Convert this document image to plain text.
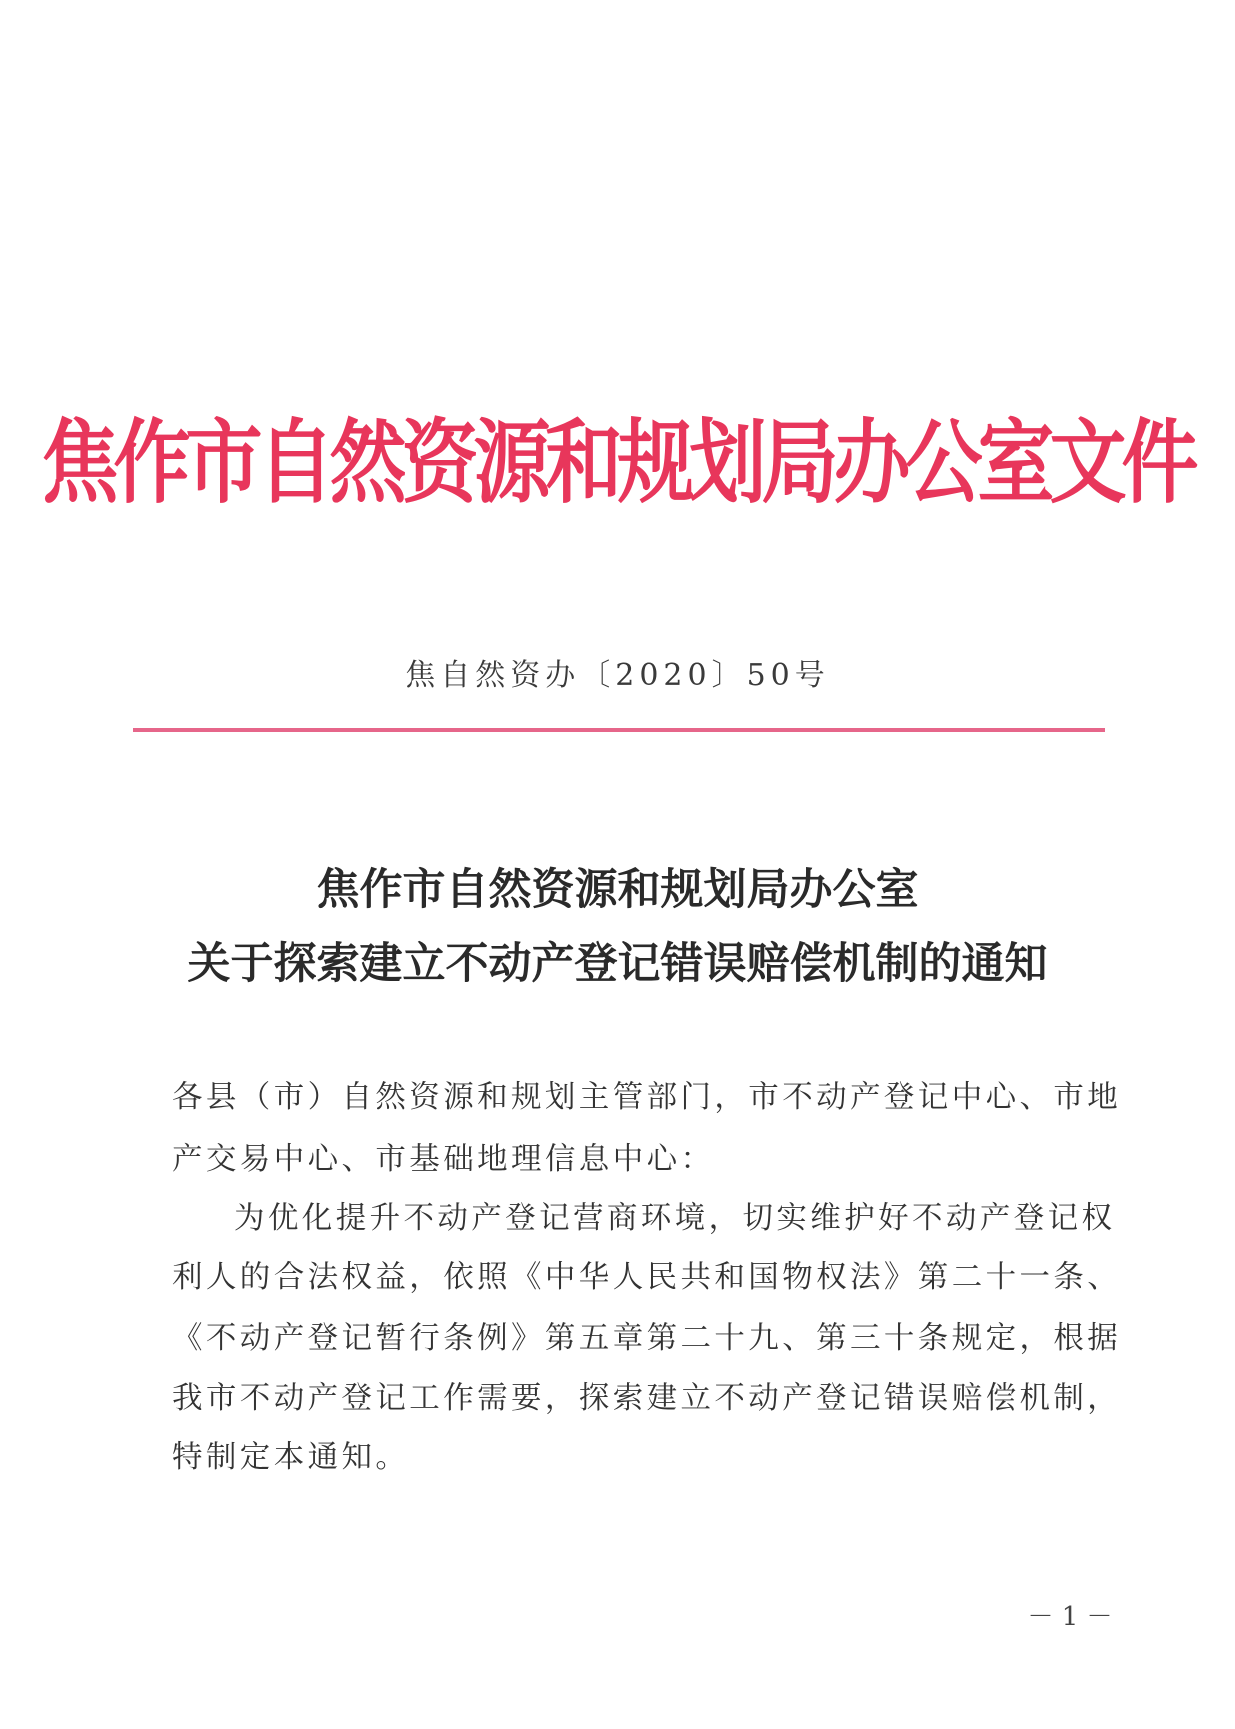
焦作市自然资源和规划局办公室文件
焦自然资办〔2020〕50号
焦作市自然资源和规划局办公室
关于探索建立不动产登记错误赔偿机制的通知
各县（市）自然资源和规划主管部门，市不动产登记中心、市地
产交易中心、市基础地理信息中心：
为优化提升不动产登记营商环境，切实维护好不动产登记权
利人的合法权益，依照《中华人民共和国物权法》第二十一条、
《不动产登记暂行条例》第五章第二十九、第三十条规定，根据
我市不动产登记工作需要，探索建立不动产登记错误赔偿机制，
特制定本通知。
－ 1 －
